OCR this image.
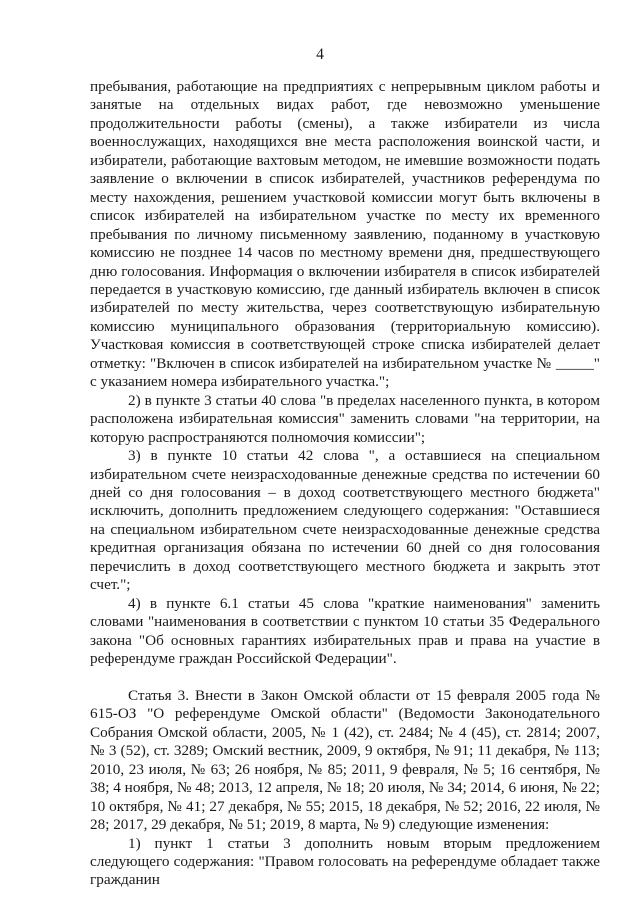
4

пребывания, работающие на предприятиях с непрерывным циклом работы и занятые на отдельных видах работ, где невозможно уменьшение продолжительности работы (смены), а также избиратели из числа военнослужащих, находящихся вне места расположения воинской части, и избиратели, работающие вахтовым методом, не имевшие возможности подать заявление о включении в список избирателей, участников референдума по месту нахождения, решением участковой комиссии могут быть включены в список избирателей на избирательном участке по месту их временного пребывания по личному письменному заявлению, поданному в участковую комиссию не позднее 14 часов по местному времени дня, предшествующего дню голосования. Информация о включении избирателя в список избирателей передается в участковую комиссию, где данный избиратель включен в список избирателей по месту жительства, через соответствующую избирательную комиссию муниципального образования (территориальную комиссию). Участковая комиссия в соответствующей строке списка избирателей делает отметку: "Включен в список избирателей на избирательном участке № _____" с указанием номера избирательного участка.";

2) в пункте 3 статьи 40 слова "в пределах населенного пункта, в котором расположена избирательная комиссия" заменить словами "на территории, на которую распространяются полномочия комиссии";

3) в пункте 10 статьи 42 слова ", а оставшиеся на специальном избирательном счете неизрасходованные денежные средства по истечении 60 дней со дня голосования – в доход соответствующего местного бюджета" исключить, дополнить предложением следующего содержания: "Оставшиеся на специальном избирательном счете неизрасходованные денежные средства кредитная организация обязана по истечении 60 дней со дня голосования перечислить в доход соответствующего местного бюджета и закрыть этот счет.";

4) в пункте 6.1 статьи 45 слова "краткие наименования" заменить словами "наименования в соответствии с пунктом 10 статьи 35 Федерального закона "Об основных гарантиях избирательных прав и права на участие в референдуме граждан Российской Федерации".

Статья 3. Внести в Закон Омской области от 15 февраля 2005 года № 615-ОЗ "О референдуме Омской области" (Ведомости Законодательного Собрания Омской области, 2005, № 1 (42), ст. 2484; № 4 (45), ст. 2814; 2007, № 3 (52), ст. 3289; Омский вестник, 2009, 9 октября, № 91; 11 декабря, № 113; 2010, 23 июля, № 63; 26 ноября, № 85; 2011, 9 февраля, № 5; 16 сентября, № 38; 4 ноября, № 48; 2013, 12 апреля, № 18; 20 июля, № 34; 2014, 6 июня, № 22; 10 октября, № 41; 27 декабря, № 55; 2015, 18 декабря, № 52; 2016, 22 июля, № 28; 2017, 29 декабря, № 51; 2019, 8 марта, № 9) следующие изменения:

1) пункт 1 статьи 3 дополнить новым вторым предложением следующего содержания: "Правом голосовать на референдуме обладает также гражданин
